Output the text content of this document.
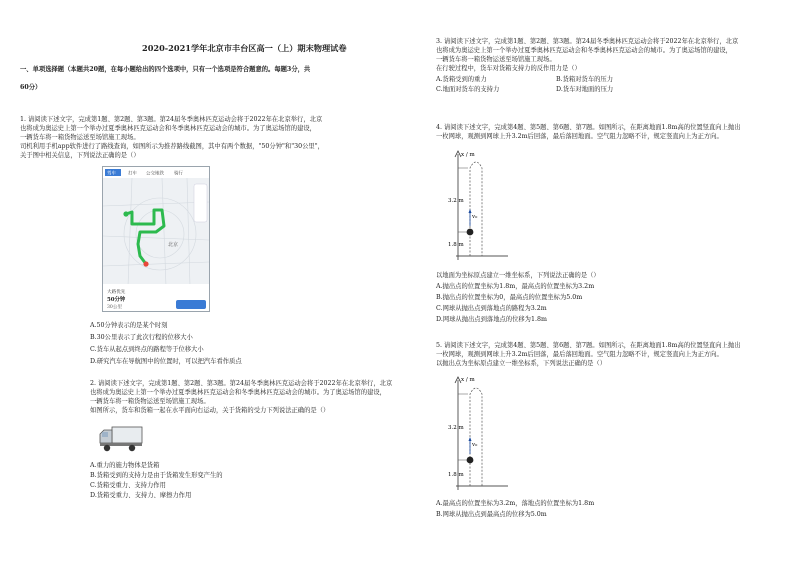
2020-2021学年北京市丰台区高一（上）期末物理试卷
一、单项选择题（本题共20题，在每小题给出的四个选项中，只有一个选项是符合题意的。每题3分，共
60分）
1. 请阅读下述文字，完成第1题、第2题、第3题。第24届冬季奥林匹克运动会将于2022年在北京举行，北京
也将成为奥运史上第一个举办过夏季奥林匹克运动会和冬季奥林匹克运动会的城市。为了奥运场馆的建设，
一辆货车将一箱货物运送至场馆施工现场。
司机利用手机app软件进行了路线查询，如图所示为推荐路线截图，其中有两个数据，"50分钟"和"30公里"，
关于图中相关信息，下列说法正确的是（）
驾车	打车 公交地铁 骑行
北京
大路优先
50分钟
30公里
A.50分钟表示的是某个时刻
B.30公里表示了此次行程的位移大小
C.货车从起点到终点的路程等于位移大小
D.研究汽车在导航图中的位置时，可以把汽车看作质点
2. 请阅读下述文字，完成第1题、第2题、第3题。第24届冬季奥林匹克运动会将于2022年在北京举行，北京
也将成为奥运史上第一个举办过夏季奥林匹克运动会和冬季奥林匹克运动会的城市。为了奥运场馆的建设，
一辆货车将一箱货物运送至场馆施工现场。
如图所示，货车和货箱一起在水平面向右运动，关于货箱的受力下列说法正确的是（）
A.重力的施力物体是货箱
B.货箱受到的支持力是由于货箱发生形变产生的
C.货箱受重力、支持力作用
D.货箱受重力、支持力、摩擦力作用
3. 请阅读下述文字，完成第1题、第2题、第3题。第24届冬季奥林匹克运动会将于2022年在北京举行，北京
也将成为奥运史上第一个举办过夏季奥林匹克运动会和冬季奥林匹克运动会的城市。为了奥运场馆的建设，
一辆货车将一箱货物运送至场馆施工现场。
在行驶过程中，货车对货箱支持力的反作用力是（）
A.货箱受到的重力	B.货箱对货车的压力
C.地面对货车的支持力	D.货车对地面的压力
4. 请阅读下述文字，完成第4题、第5题、第6题、第7题。如图所示，在距离地面1.8m高的位置竖直向上抛出
一枚网球，观测到网球上升3.2m后回落，最后落回地面。空气阻力忽略不计，规定竖直向上为正方向。
x / m
3.2 m
1.8 m
v₀
以地面为坐标原点建立一维坐标系，下列说法正确的是（）
A.抛出点的位置坐标为1.8m，最高点的位置坐标为3.2m
B.抛出点的位置坐标为0，最高点的位置坐标为5.0m
C.网球从抛出点到落地点的路程为3.2m
D.网球从抛出点到落地点的位移为1.8m
5. 请阅读下述文字，完成第4题、第5题、第6题、第7题。如图所示，在距离地面1.8m高的位置竖直向上抛出
一枚网球，观测到网球上升3.2m后回落，最后落回地面。空气阻力忽略不计，规定竖直向上为正方向。
以抛出点为坐标原点建立一维坐标系，下列说法正确的是（）
x / m
3.2 m
1.8 m
v₀
A.最高点的位置坐标为3.2m，落地点的位置坐标为1.8m
B.网球从抛出点到最高点的位移为5.0m
